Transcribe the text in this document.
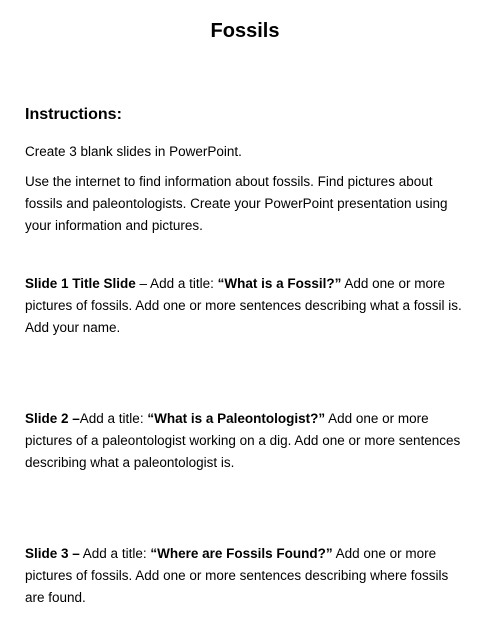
Fossils
Instructions:

Create 3 blank slides in PowerPoint.

Use the internet to find information about fossils. Find pictures about fossils and paleontologists. Create your PowerPoint presentation using your information and pictures.

Slide 1 Title Slide – Add a title: “What is a Fossil?” Add one or more pictures of fossils. Add one or more sentences describing what a fossil is. Add your name.

Slide 2 –Add a title: “What is a Paleontologist?” Add one or more pictures of a paleontologist working on a dig. Add one or more sentences describing what a paleontologist is.

Slide 3 – Add a title: “Where are Fossils Found?” Add one or more pictures of fossils. Add one or more sentences describing where fossils are found.
